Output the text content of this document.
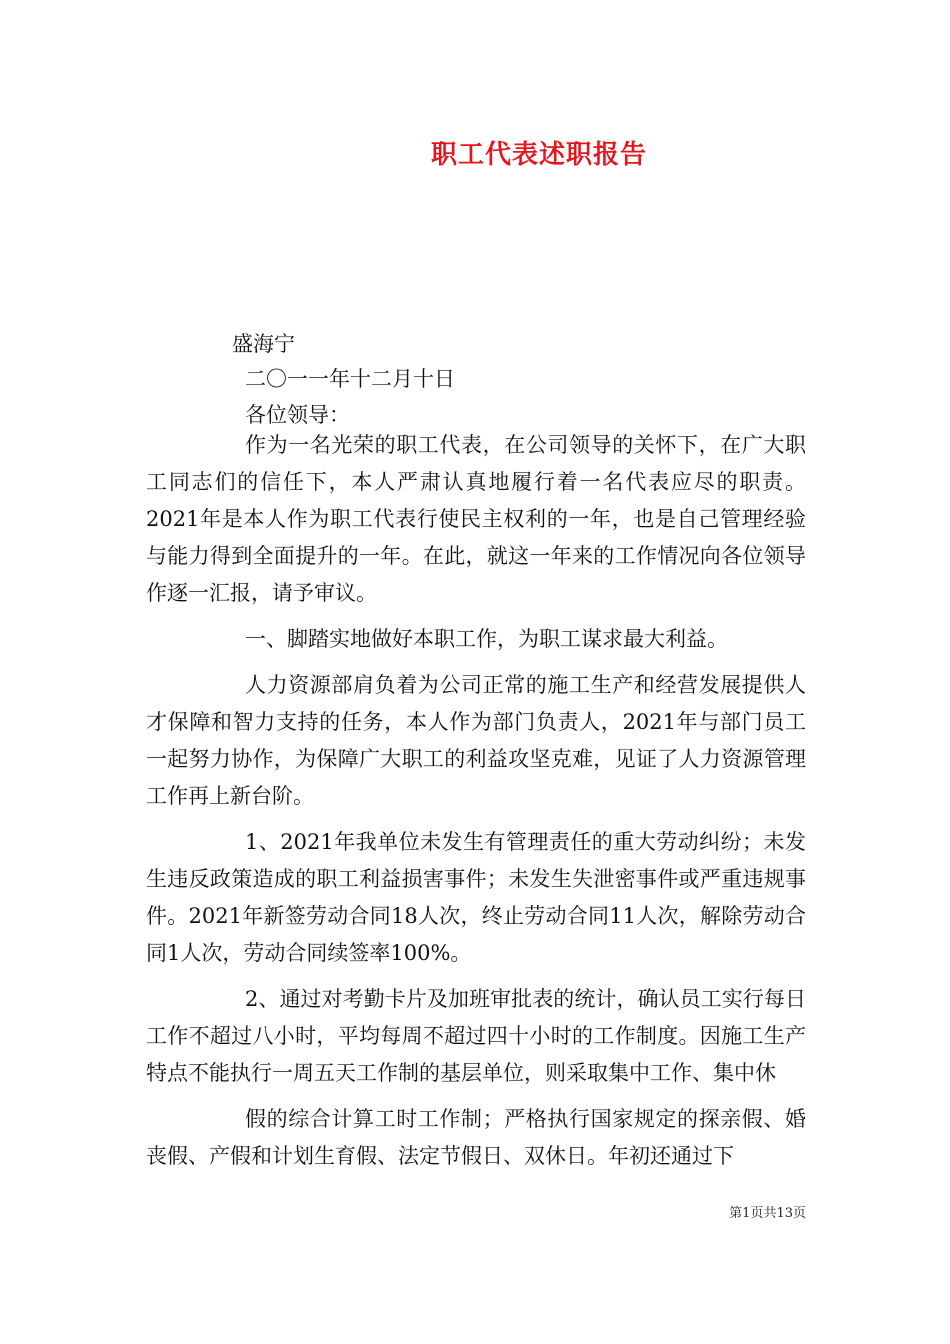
职工代表述职报告
盛海宁
二〇一一年十二月十日
各位领导：

作为一名光荣的职工代表，在公司领导的关怀下，在广大职工同志们的信任下，本人严肃认真地履行着一名代表应尽的职责。2021年是本人作为职工代表行使民主权利的一年，也是自己管理经验与能力得到全面提升的一年。在此，就这一年来的工作情况向各位领导作逐一汇报，请予审议。

一、脚踏实地做好本职工作，为职工谋求最大利益。

人力资源部肩负着为公司正常的施工生产和经营发展提供人才保障和智力支持的任务，本人作为部门负责人，2021年与部门员工一起努力协作，为保障广大职工的利益攻坚克难，见证了人力资源管理工作再上新台阶。

1、2021年我单位未发生有管理责任的重大劳动纠纷；未发生违反政策造成的职工利益损害事件；未发生失泄密事件或严重违规事件。2021年新签劳动合同18人次，终止劳动合同11人次，解除劳动合同1人次，劳动合同续签率100%。

2、通过对考勤卡片及加班审批表的统计，确认员工实行每日工作不超过八小时，平均每周不超过四十小时的工作制度。因施工生产特点不能执行一周五天工作制的基层单位，则采取集中工作、集中休

假的综合计算工时工作制；严格执行国家规定的探亲假、婚丧假、产假和计划生育假、法定节假日、双休日。年初还通过下

第1页共13页
